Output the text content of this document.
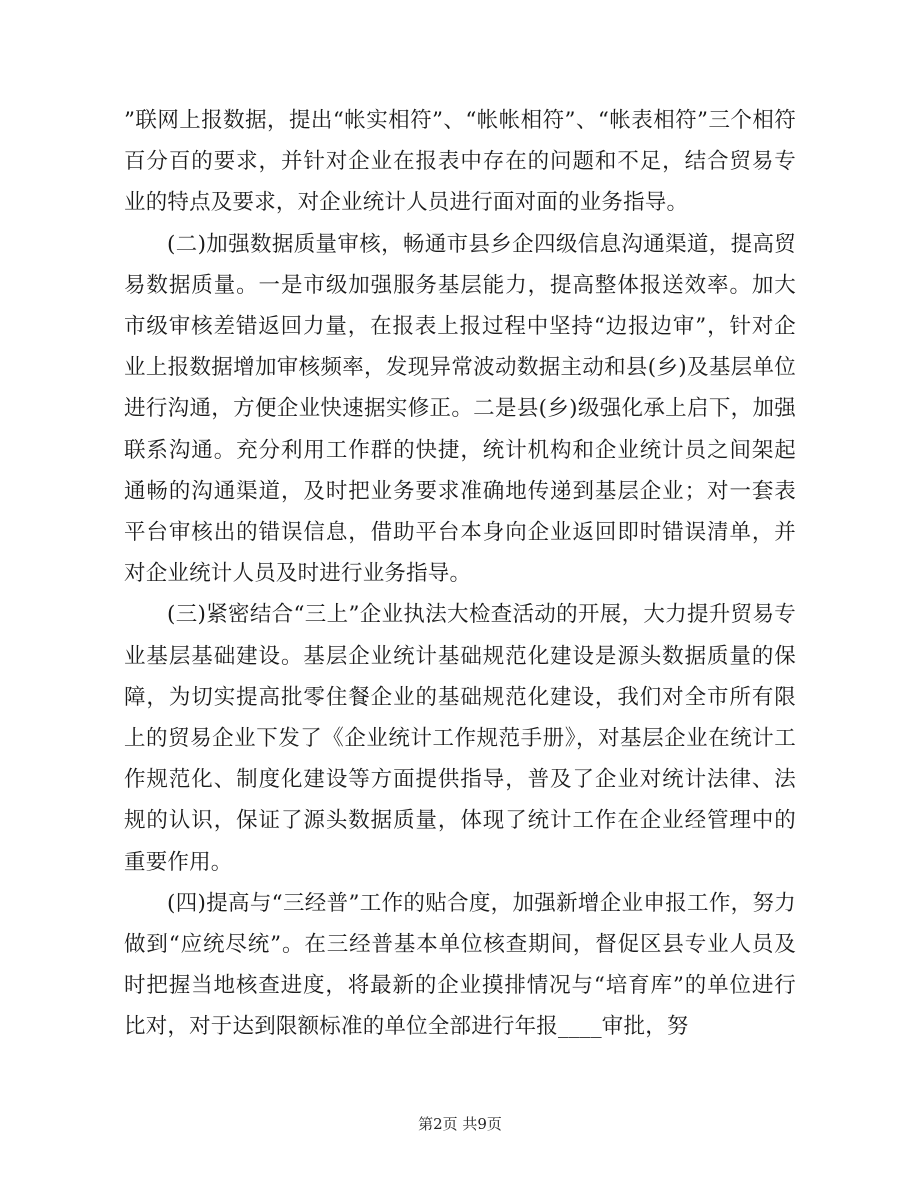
”联网上报数据，提出“帐实相符”、“帐帐相符”、“帐表相符”三个相符百分百的要求，并针对企业在报表中存在的问题和不足，结合贸易专业的特点及要求，对企业统计人员进行面对面的业务指导。

(二)加强数据质量审核，畅通市县乡企四级信息沟通渠道，提高贸易数据质量。一是市级加强服务基层能力，提高整体报送效率。加大市级审核差错返回力量，在报表上报过程中坚持“边报边审”，针对企业上报数据增加审核频率，发现异常波动数据主动和县(乡)及基层单位进行沟通，方便企业快速据实修正。二是县(乡)级强化承上启下，加强联系沟通。充分利用工作群的快捷，统计机构和企业统计员之间架起通畅的沟通渠道，及时把业务要求准确地传递到基层企业；对一套表平台审核出的错误信息，借助平台本身向企业返回即时错误清单，并对企业统计人员及时进行业务指导。

(三)紧密结合“三上”企业执法大检查活动的开展，大力提升贸易专业基层基础建设。基层企业统计基础规范化建设是源头数据质量的保障，为切实提高批零住餐企业的基础规范化建设，我们对全市所有限上的贸易企业下发了《企业统计工作规范手册》，对基层企业在统计工作规范化、制度化建设等方面提供指导，普及了企业对统计法律、法规的认识，保证了源头数据质量，体现了统计工作在企业经管理中的重要作用。

(四)提高与“三经普”工作的贴合度，加强新增企业申报工作，努力做到“应统尽统”。在三经普基本单位核查期间，督促区县专业人员及时把握当地核查进度，将最新的企业摸排情况与“培育库”的单位进行比对，对于达到限额标准的单位全部进行年报____审批，努

第2页 共9页
